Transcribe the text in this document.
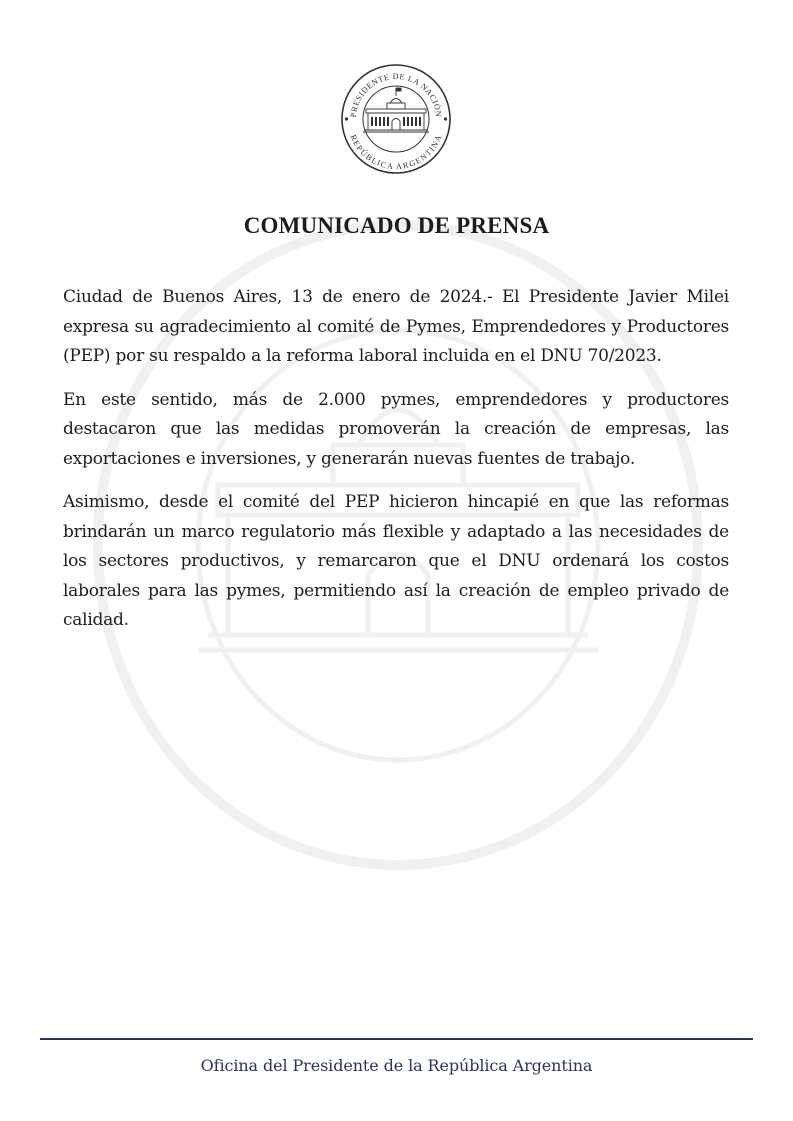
PRESIDENTE DE LA NACIÓN
REPÚBLICA ARGENTINA
COMUNICADO DE PRENSA

Ciudad de Buenos Aires, 13 de enero de 2024.- El Presidente Javier Milei expresa su agradecimiento al comité de Pymes, Emprendedores y Productores (PEP) por su respaldo a la reforma laboral incluida en el DNU 70/2023.

En este sentido, más de 2.000 pymes, emprendedores y productores destacaron que las medidas promoverán la creación de empresas, las exportaciones e inversiones, y generarán nuevas fuentes de trabajo.

Asimismo, desde el comité del PEP hicieron hincapié en que las reformas brindarán un marco regulatorio más flexible y adaptado a las necesidades de los sectores productivos, y remarcaron que el DNU ordenará los costos laborales para las pymes, permitiendo así la creación de empleo privado de calidad.

Oficina del Presidente de la República Argentina
